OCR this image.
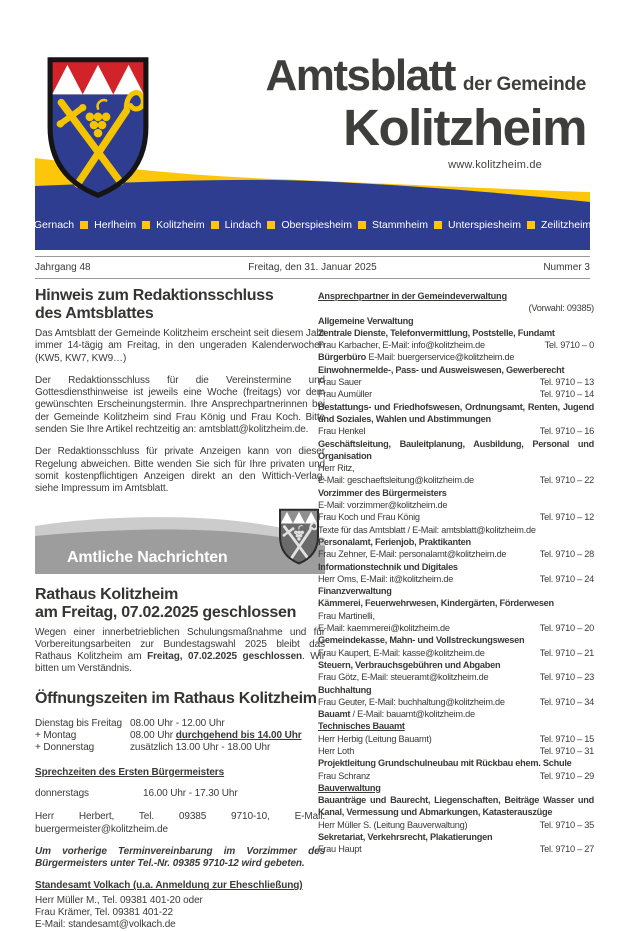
Amtsblatt der Gemeinde
Kolitzheim
www.kolitzheim.de
Gernach Herlheim Kolitzheim Lindach Oberspiesheim Stammheim Unterspiesheim Zeilitzheim
Jahrgang 48	Freitag, den 31. Januar 2025	Nummer 3
Hinweis zum Redaktionsschluss
des Amtsblattes

Das Amtsblatt der Gemeinde Kolitzheim erscheint seit diesem Jahr immer 14-tägig am Freitag, in den ungeraden Kalenderwochen (KW5, KW7, KW9…)

Der Redaktionsschluss für die Vereinstermine und Gottesdiensthinweise ist jeweils eine Woche (freitags) vor dem gewünschten Erscheinungstermin. Ihre Ansprechpartnerinnen bei der Gemeinde Kolitzheim sind Frau König und Frau Koch. Bitte senden Sie Ihre Artikel rechtzeitig an: amtsblatt@kolitzheim.de.

Der Redaktionsschluss für private Anzeigen kann von dieser Regelung abweichen. Bitte wenden Sie sich für Ihre privaten und somit kostenpflichtigen Anzeigen direkt an den Wittich-Verlag, siehe Impressum im Amtsblatt.

Amtliche Nachrichten
Rathaus Kolitzheim
am Freitag, 07.02.2025 geschlossen

Wegen einer innerbetrieblichen Schulungsmaßnahme und für Vorbereitungsarbeiten zur Bundestagswahl 2025 bleibt das Rathaus Kolitzheim am Freitag, 07.02.2025 geschlossen. Wir bitten um Verständnis.

Öffnungszeiten im Rathaus Kolitzheim
Dienstag bis Freitag 08.00 Uhr - 12.00 Uhr
+ Montag	08.00 Uhr durchgehend bis 14.00 Uhr
+ Donnerstag	zusätzlich 13.00 Uhr - 18.00 Uhr
Sprechzeiten des Ersten Bürgermeisters
donnerstags	16.00 Uhr - 17.30 Uhr

Herr Herbert, Tel. 09385 9710-10, E-Mail: buergermeister@kolitzheim.de

Um vorherige Terminvereinbarung im Vorzimmer des Bürgermeisters unter Tel.-Nr. 09385 9710-12 wird gebeten.

Standesamt Volkach (u.a. Anmeldung zur Eheschließung)
Herr Müller M., Tel. 09381 401-20 oder
Frau Krämer, Tel. 09381 401-22
E-Mail: standesamt@volkach.de
Ansprechpartner in der Gemeindeverwaltung
(Vorwahl: 09385)
Allgemeine Verwaltung
Zentrale Dienste, Telefonvermittlung, Poststelle, Fundamt
Frau Karbacher, E-Mail: info@kolitzheim.de	Tel. 9710 – 0
Bürgerbüro E-Mail: buergerservice@kolitzheim.de
Einwohnermelde-, Pass- und Ausweiswesen, Gewerberecht
Frau Sauer	Tel. 9710 – 13
Frau Aumüller	Tel. 9710 – 14
Bestattungs- und Friedhofswesen, Ordnungsamt, Renten, Jugend und Soziales, Wahlen und Abstimmungen
Frau Henkel	Tel. 9710 – 16
Geschäftsleitung, Bauleitplanung, Ausbildung, Personal und Organisation
Herr Ritz,
E-Mail: geschaeftsleitung@kolitzheim.de	Tel. 9710 – 22
Vorzimmer des Bürgermeisters
E-Mail: vorzimmer@kolitzheim.de
Frau Koch und Frau König	Tel. 9710 – 12
Texte für das Amtsblatt / E-Mail: amtsblatt@kolitzheim.de
Personalamt, Ferienjob, Praktikanten
Frau Zehner, E-Mail: personalamt@kolitzheim.de	Tel. 9710 – 28
Informationstechnik und Digitales
Herr Oms, E-Mail: it@kolitzheim.de	Tel. 9710 – 24
Finanzverwaltung
Kämmerei, Feuerwehrwesen, Kindergärten, Förderwesen
Frau Martinelli,
E-Mail: kaemmerei@kolitzheim.de	Tel. 9710 – 20
Gemeindekasse, Mahn- und Vollstreckungswesen
Frau Kaupert, E-Mail: kasse@kolitzheim.de	Tel. 9710 – 21
Steuern, Verbrauchsgebühren und Abgaben
Frau Götz, E-Mail: steueramt@kolitzheim.de	Tel. 9710 – 23
Buchhaltung
Frau Geuter, E-Mail: buchhaltung@kolitzheim.de	Tel. 9710 – 34
Bauamt / E-Mail: bauamt@kolitzheim.de
Technisches Bauamt
Herr Herbig (Leitung Bauamt)	Tel. 9710 – 15
Herr Loth	Tel. 9710 – 31
Projektleitung Grundschulneubau mit Rückbau ehem. Schule
Frau Schranz	Tel. 9710 – 29
Bauverwaltung
Bauanträge und Baurecht, Liegenschaften, Beiträge Wasser und Kanal, Vermessung und Abmarkungen, Katasterauszüge
Herr Müller S. (Leitung Bauverwaltung)	Tel. 9710 – 35
Sekretariat, Verkehrsrecht, Plakatierungen
Frau Haupt	Tel. 9710 – 27
